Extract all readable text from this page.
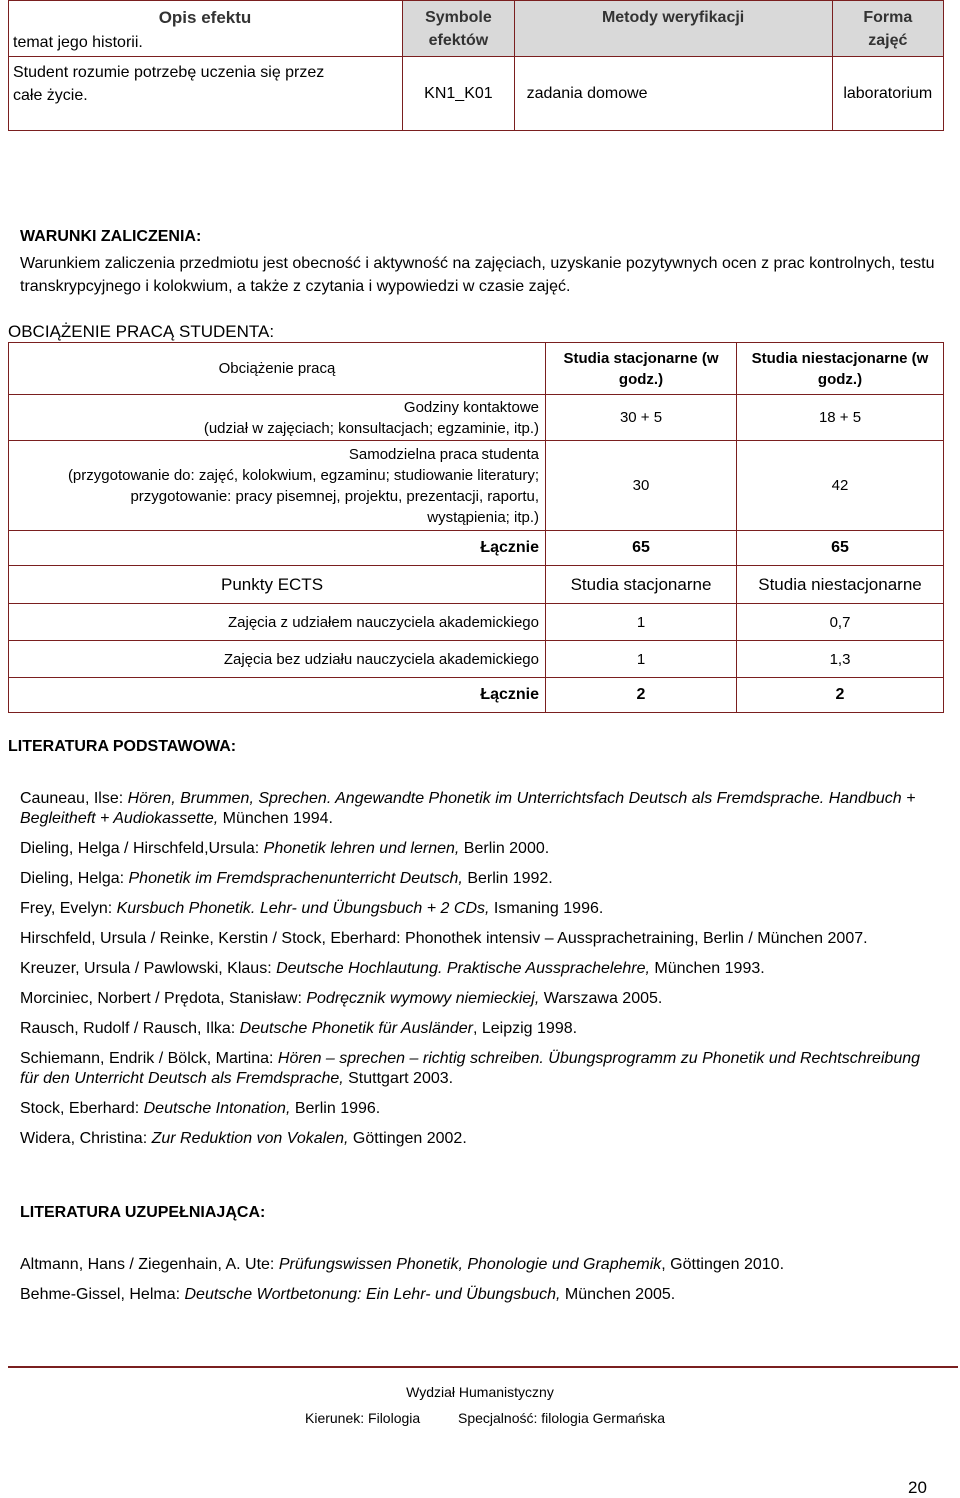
Opis efektu
temat jego historii.	Symbole efektów	Metody weryfikacji	Forma zajęć

Student rozumie potrzebę uczenia się przez
całe życie.	KN1_K01	zadania domowe	laboratorium
WARUNKI ZALICZENIA:
Warunkiem zaliczenia przedmiotu jest obecność i aktywność na zajęciach, uzyskanie pozytywnych ocen z prac kontrolnych, testu transkrypcyjnego i kolokwium, a także z czytania i wypowiedzi w czasie zajęć.
OBCIĄŻENIE PRACĄ STUDENTA:
Obciążenie pracą	Studia stacjonarne (w godz.)	Studia niestacjonarne (w godz.)

Godziny kontaktowe
(udział w zajęciach; konsultacjach; egzaminie, itp.)	30 + 5	18 + 5

Samodzielna praca studenta
(przygotowanie do: zajęć, kolokwium, egzaminu; studiowanie literatury;
przygotowanie: pracy pisemnej, projektu, prezentacji, raportu,
wystąpienia; itp.)	30	42
Łącznie	65	65
Punkty ECTS	Studia stacjonarne	Studia niestacjonarne
Zajęcia z udziałem nauczyciela akademickiego	1	0,7
Zajęcia bez udziału nauczyciela akademickiego	1	1,3
Łącznie	2	2
LITERATURA PODSTAWOWA:
Cauneau, Ilse: Hören, Brummen, Sprechen. Angewandte Phonetik im Unterrichtsfach Deutsch als Fremdsprache. Handbuch + Begleitheft + Audiokassette, München 1994.
Dieling, Helga / Hirschfeld,Ursula: Phonetik lehren und lernen, Berlin 2000.
Dieling, Helga: Phonetik im Fremdsprachenunterricht Deutsch, Berlin 1992.
Frey, Evelyn: Kursbuch Phonetik. Lehr- und Übungsbuch + 2 CDs, Ismaning 1996.
Hirschfeld, Ursula / Reinke, Kerstin / Stock, Eberhard: Phonothek intensiv – Aussprachetraining, Berlin / München 2007.
Kreuzer, Ursula / Pawlowski, Klaus: Deutsche Hochlautung. Praktische Aussprachelehre, München 1993.
Morciniec, Norbert / Prędota, Stanisław: Podręcznik wymowy niemieckiej, Warszawa 2005.
Rausch, Rudolf / Rausch, Ilka: Deutsche Phonetik für Ausländer, Leipzig 1998.
Schiemann, Endrik / Bölck, Martina: Hören – sprechen – richtig schreiben. Übungsprogramm zu Phonetik und Rechtschreibung für den Unterricht Deutsch als Fremdsprache, Stuttgart 2003.
Stock, Eberhard: Deutsche Intonation, Berlin 1996.
Widera, Christina: Zur Reduktion von Vokalen, Göttingen 2002.
LITERATURA UZUPEŁNIAJĄCA:
Altmann, Hans / Ziegenhain, A. Ute: Prüfungswissen Phonetik, Phonologie und Graphemik, Göttingen 2010.
Behme-Gissel, Helma: Deutsche Wortbetonung: Ein Lehr- und Übungsbuch, München 2005.
Wydział Humanistyczny
Kierunek: Filologia	Specjalność: filologia Germańska
20
